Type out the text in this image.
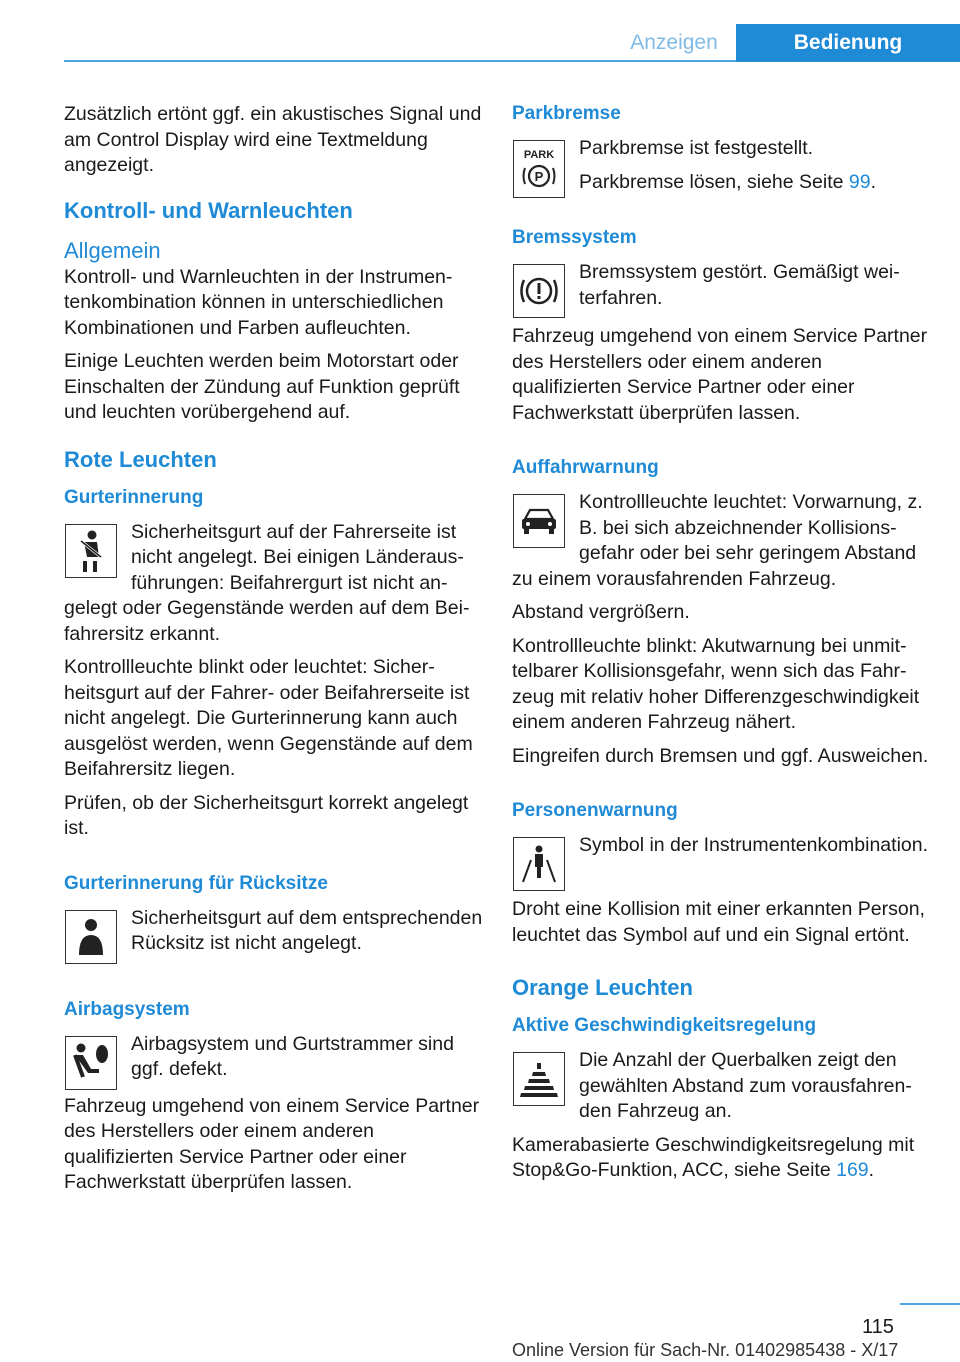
Anzeigen	Bedienung

Zusätzlich ertönt ggf. ein akustisches Signal und am Control Display wird eine Textmeldung angezeigt.

Kontroll- und Warnleuchten
Allgemein

Kontroll- und Warnleuchten in der Instrumentenkombination können in unterschiedlichen Kombinationen und Farben aufleuchten.

Einige Leuchten werden beim Motorstart oder Einschalten der Zündung auf Funktion geprüft und leuchten vorübergehend auf.

Rote Leuchten
Gurterinnerung

Sicherheitsgurt auf der Fahrerseite ist nicht angelegt. Bei einigen Länderausführungen: Beifahrergurt ist nicht angelegt oder Gegenstände werden auf dem Beifahrersitz erkannt.

Kontrollleuchte blinkt oder leuchtet: Sicherheitsgurt auf der Fahrer- oder Beifahrerseite ist nicht angelegt. Die Gurterinnerung kann auch ausgelöst werden, wenn Gegenstände auf dem Beifahrersitz liegen.

Prüfen, ob der Sicherheitsgurt korrekt angelegt ist.

Gurterinnerung für Rücksitze

Sicherheitsgurt auf dem entsprechenden Rücksitz ist nicht angelegt.

Airbagsystem

Airbagsystem und Gurtstrammer sind ggf. defekt.

Fahrzeug umgehend von einem Service Partner des Herstellers oder einem anderen qualifizierten Service Partner oder einer Fachwerkstatt überprüfen lassen.

Parkbremse
PARK
P

Parkbremse ist festgestellt.

Parkbremse lösen, siehe Seite 99.

Bremssystem

Bremssystem gestört. Gemäßigt weiterfahren.

Fahrzeug umgehend von einem Service Partner des Herstellers oder einem anderen qualifizierten Service Partner oder einer Fachwerkstatt überprüfen lassen.

Auffahrwarnung

Kontrollleuchte leuchtet: Vorwarnung, z. B. bei sich abzeichnender Kollisionsgefahr oder bei sehr geringem Abstand zu einem vorausfahrenden Fahrzeug.

Abstand vergrößern.

Kontrollleuchte blinkt: Akutwarnung bei unmittelbarer Kollisionsgefahr, wenn sich das Fahrzeug mit relativ hoher Differenzgeschwindigkeit einem anderen Fahrzeug nähert.

Eingreifen durch Bremsen und ggf. Ausweichen.

Personenwarnung

Symbol in der Instrumentenkombination.

Droht eine Kollision mit einer erkannten Person, leuchtet das Symbol auf und ein Signal ertönt.

Orange Leuchten
Aktive Geschwindigkeitsregelung

Die Anzahl der Querbalken zeigt den gewählten Abstand zum vorausfahrenden Fahrzeug an.

Kamerabasierte Geschwindigkeitsregelung mit Stop&Go-Funktion, ACC, siehe Seite 169.

115
Online Version für Sach-Nr. 01402985438 - X/17
